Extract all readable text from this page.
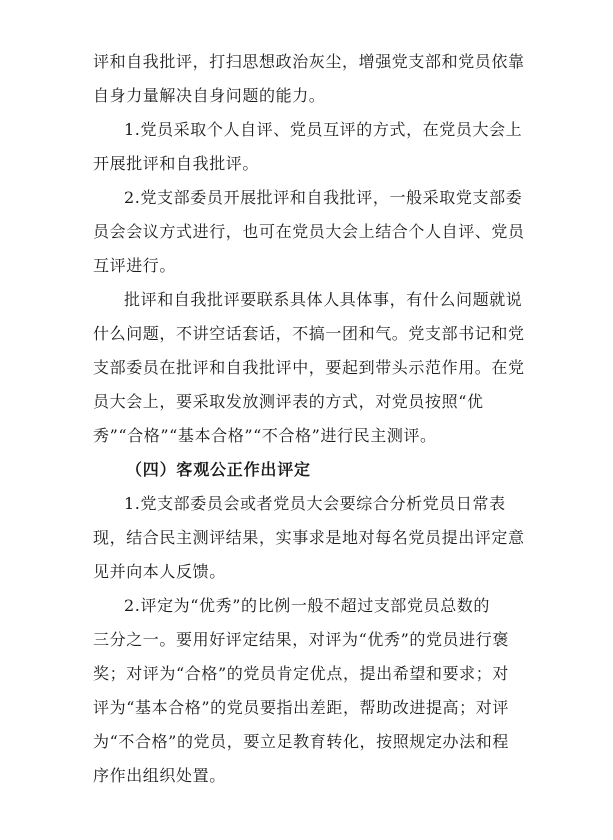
评和自我批评，打扫思想政治灰尘，增强党支部和党员依靠
自身力量解决自身问题的能力。
1.党员采取个人自评、党员互评的方式，在党员大会上
开展批评和自我批评。
2.党支部委员开展批评和自我批评，一般采取党支部委
员会会议方式进行，也可在党员大会上结合个人自评、党员
互评进行。
批评和自我批评要联系具体人具体事，有什么问题就说
什么问题，不讲空话套话，不搞一团和气。党支部书记和党
支部委员在批评和自我批评中，要起到带头示范作用。在党
员大会上，要采取发放测评表的方式，对党员按照“优
秀”“合格”“基本合格”“不合格”进行民主测评。
（四）客观公正作出评定
1.党支部委员会或者党员大会要综合分析党员日常表
现，结合民主测评结果，实事求是地对每名党员提出评定意
见并向本人反馈。
2.评定为“优秀”的比例一般不超过支部党员总数的
三分之一。要用好评定结果，对评为“优秀”的党员进行褒
奖；对评为“合格”的党员肯定优点，提出希望和要求；对
评为“基本合格”的党员要指出差距，帮助改进提高；对评
为“不合格”的党员，要立足教育转化，按照规定办法和程
序作出组织处置。
